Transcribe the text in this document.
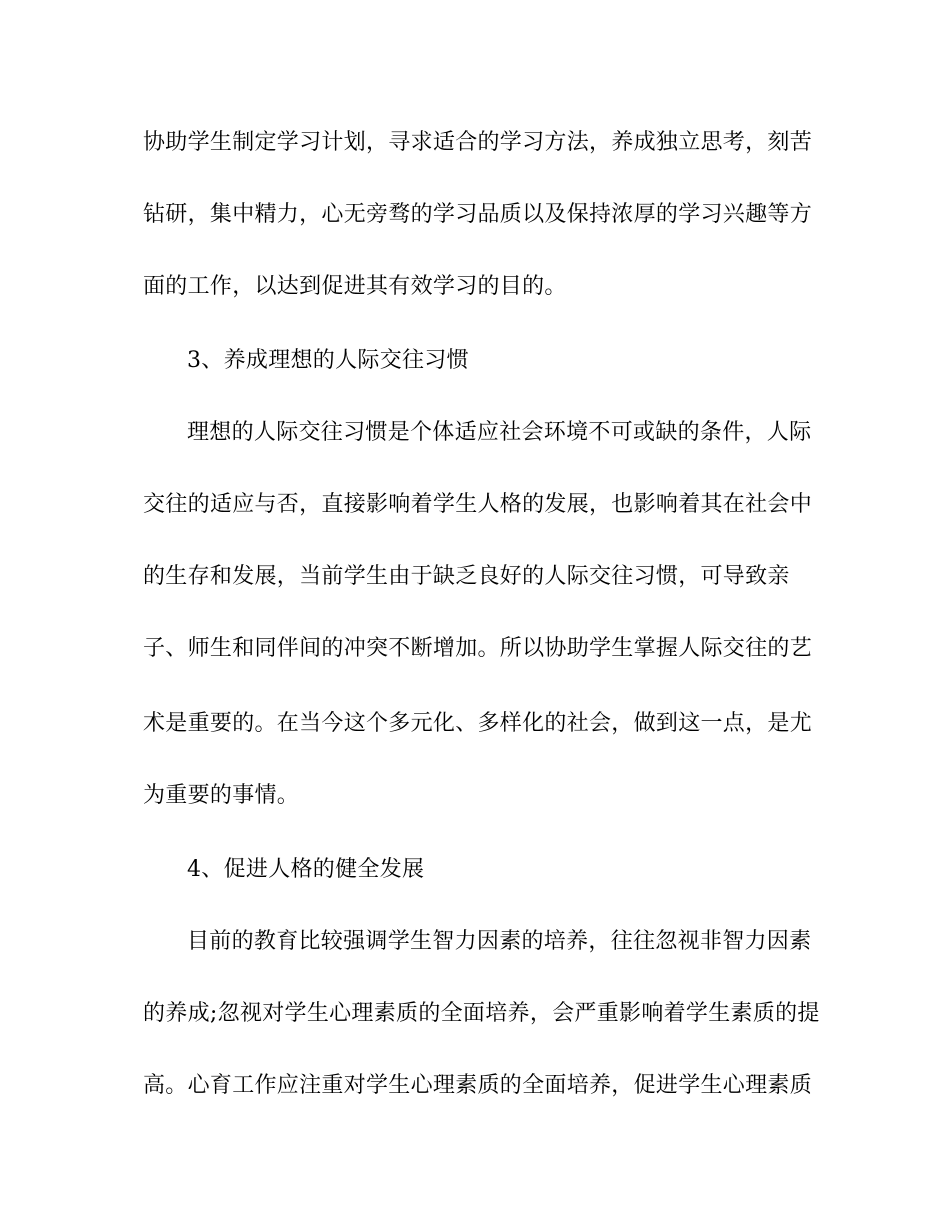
协助学生制定学习计划，寻求适合的学习方法，养成独立思考，刻苦
钻研，集中精力，心无旁骛的学习品质以及保持浓厚的学习兴趣等方
面的工作，以达到促进其有效学习的目的。
3、养成理想的人际交往习惯
理想的人际交往习惯是个体适应社会环境不可或缺的条件，人际
交往的适应与否，直接影响着学生人格的发展，也影响着其在社会中
的生存和发展，当前学生由于缺乏良好的人际交往习惯，可导致亲
子、师生和同伴间的冲突不断增加。所以协助学生掌握人际交往的艺
术是重要的。在当今这个多元化、多样化的社会，做到这一点，是尤
为重要的事情。
4、促进人格的健全发展
目前的教育比较强调学生智力因素的培养，往往忽视非智力因素
的养成;忽视对学生心理素质的全面培养，会严重影响着学生素质的提
高。心育工作应注重对学生心理素质的全面培养，促进学生心理素质
